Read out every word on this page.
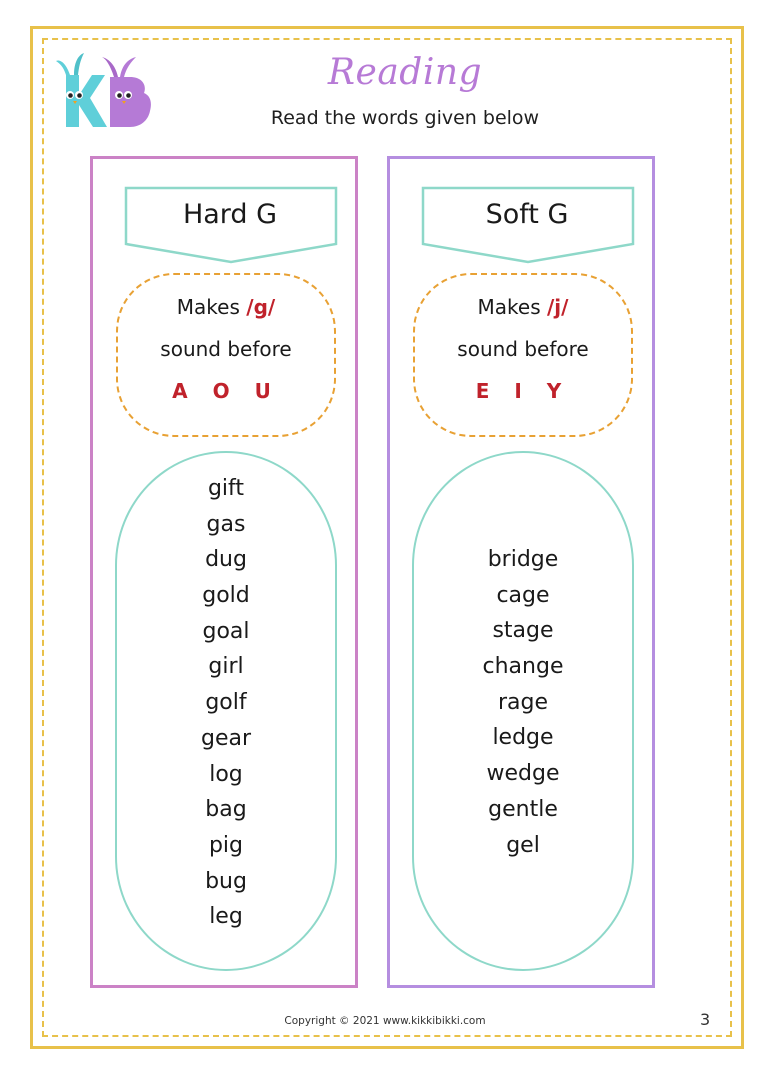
Reading
Read the words given below
Hard G
Makes /g/
sound before
A O U
gift
gas
dug
gold
goal
girl
golf
gear
log
bag
pig
bug
leg
Soft G
Makes /j/
sound before
E I Y
bridge
cage
stage
change
rage
ledge
wedge
gentle
gel
Copyright © 2021 www.kikkibikki.com	3
